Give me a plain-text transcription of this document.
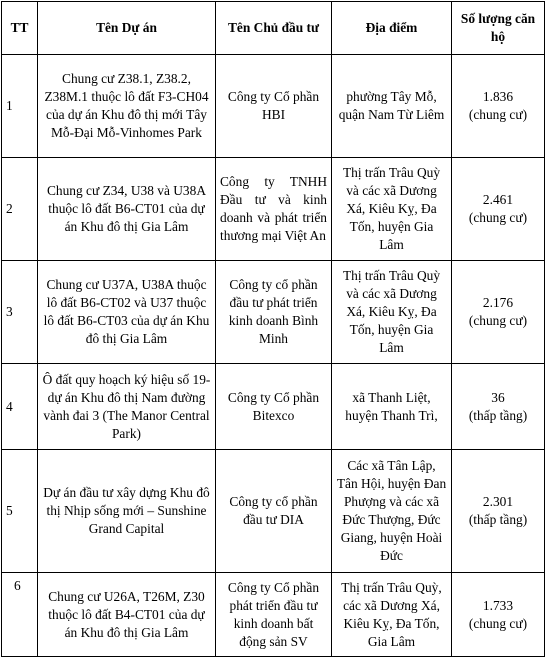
TT	Tên Dự án	Tên Chủ đầu tư	Địa điểm	Số lượng căn hộ
1	Chung cư Z38.1, Z38.2, Z38M.1 thuộc lô đất F3-CH04 của dự án Khu đô thị mới Tây Mỗ-Đại Mỗ-Vinhomes Park	Công ty Cổ phần HBI	phường Tây Mỗ, quận Nam Từ Liêm	1.836
(chung cư)

2	Chung cư Z34, U38 và U38A thuộc lô đất B6-CT01 của dự án Khu đô thị Gia Lâm	Công ty TNHH Đầu tư và kinh doanh và phát triển thương mại Việt An	Thị trấn Trâu Quỳ và các xã Dương Xá, Kiêu Kỵ, Đa Tốn, huyện Gia Lâm	2.461
(chung cư)

3	Chung cư U37A, U38A thuộc lô đất B6-CT02 và U37 thuộc lô đất B6-CT03 của dự án Khu đô thị Gia Lâm	Công ty cổ phần đầu tư phát triển kinh doanh Bình Minh	Thị trấn Trâu Quỳ và các xã Dương Xá, Kiêu Kỵ, Đa Tốn, huyện Gia Lâm	2.176
(chung cư)

4	Ô đất quy hoạch ký hiệu số 19-dự án Khu đô thị Nam đường vành đai 3 (The Manor Central Park)	Công ty Cổ phần Bitexco	xã Thanh Liệt, huyện Thanh Trì,	36
(thấp tầng)

5	Dự án đầu tư xây dựng Khu đô thị Nhịp sống mới – Sunshine Grand Capital	Công ty cổ phần đầu tư DIA	Các xã Tân Lập, Tân Hội, huyện Đan Phượng và các xã Đức Thượng, Đức Giang, huyện Hoài Đức	2.301
(thấp tầng)

6	Chung cư U26A, T26M, Z30 thuộc lô đất B4-CT01 của dự án Khu đô thị Gia Lâm	Công ty Cổ phần phát triển đầu tư kinh doanh bất động sản SV	Thị trấn Trâu Quỳ, các xã Dương Xá, Kiêu Kỵ, Đa Tốn, Gia Lâm	1.733
(chung cư)
